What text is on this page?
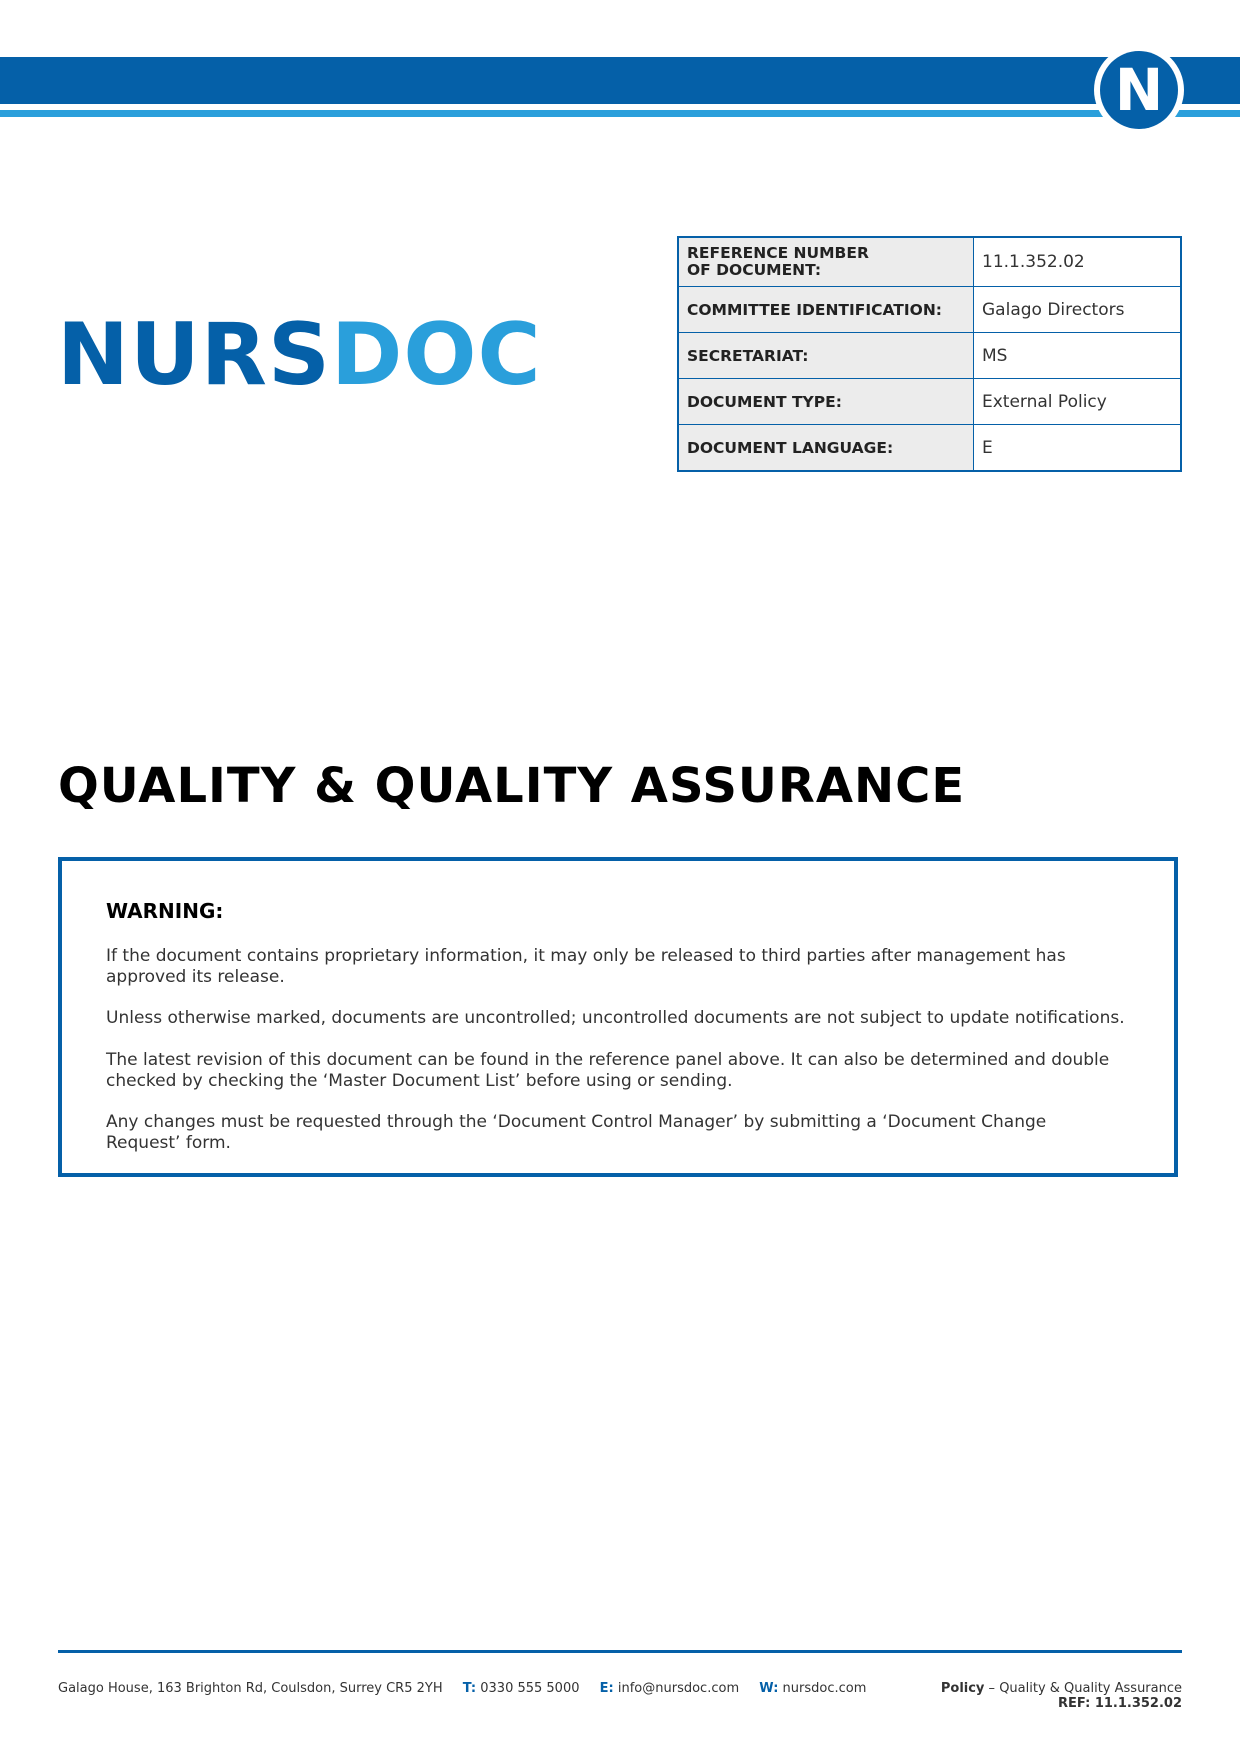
N
NURSDOC
REFERENCE NUMBER
OF DOCUMENT:	11.1.352.02
COMMITTEE IDENTIFICATION:	Galago Directors
SECRETARIAT:	MS
DOCUMENT TYPE:	External Policy
DOCUMENT LANGUAGE:	E
QUALITY & QUALITY ASSURANCE
WARNING:

If the document contains proprietary information, it may only be released to third parties after management has approved its release.

Unless otherwise marked, documents are uncontrolled; uncontrolled documents are not subject to update notifications.

The latest revision of this document can be found in the reference panel above. It can also be determined and double checked by checking the ‘Master Document List’ before using or sending.

Any changes must be requested through the ‘Document Control Manager’ by submitting a ‘Document Change Request’ form.

Galago House, 163 Brighton Rd, Coulsdon, Surrey CR5 2YH T: 0330 555 5000 E: info@nursdoc.com W: nursdoc.com	Policy – Quality & Quality Assurance
REF: 11.1.352.02
